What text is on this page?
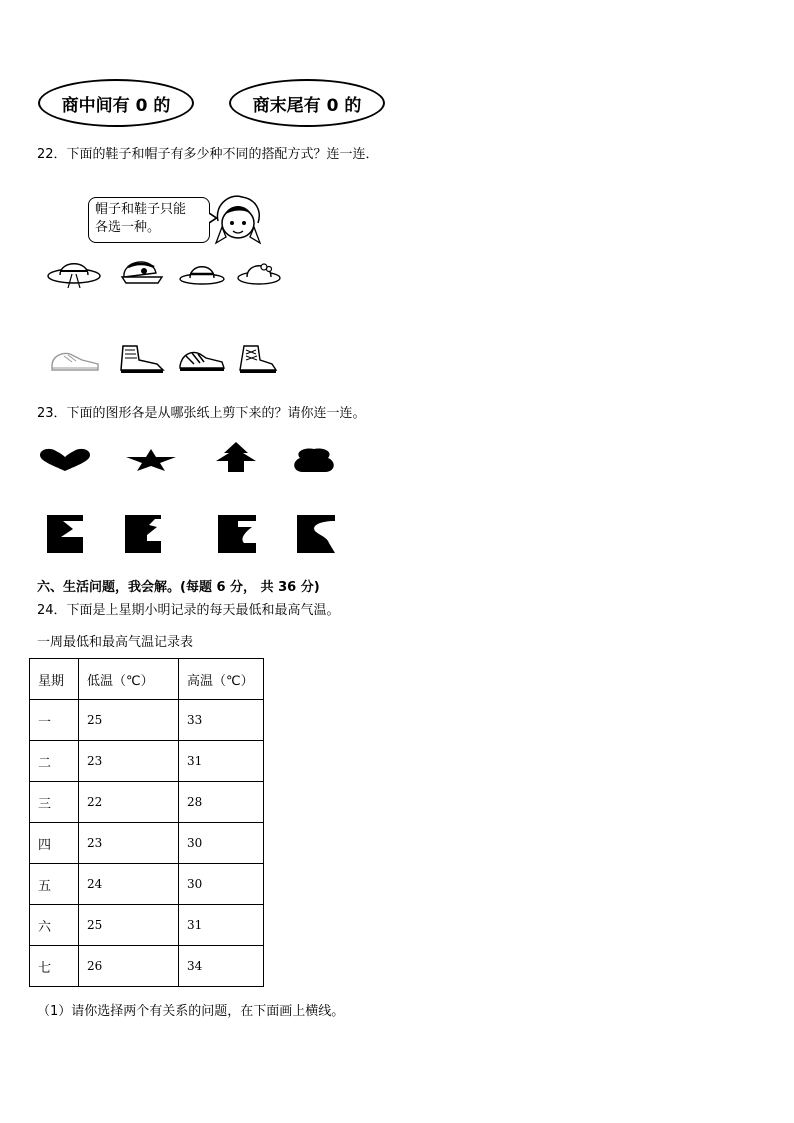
商中间有 0 的	商末尾有 0 的
22．下面的鞋子和帽子有多少种不同的搭配方式？连一连．
帽子和鞋子只能
各选一种。
23．下面的图形各是从哪张纸上剪下来的？请你连一连。
六、生活问题，我会解。(每题 6 分， 共 36 分)
24．下面是上星期小明记录的每天最低和最高气温。
一周最低和最高气温记录表
星期	低温（℃）	高温（℃）
一	25	33
二	23	31
三	22	28
四	23	30
五	24	30
六	25	31
七	26	34
（1）请你选择两个有关系的问题，在下面画上横线。
